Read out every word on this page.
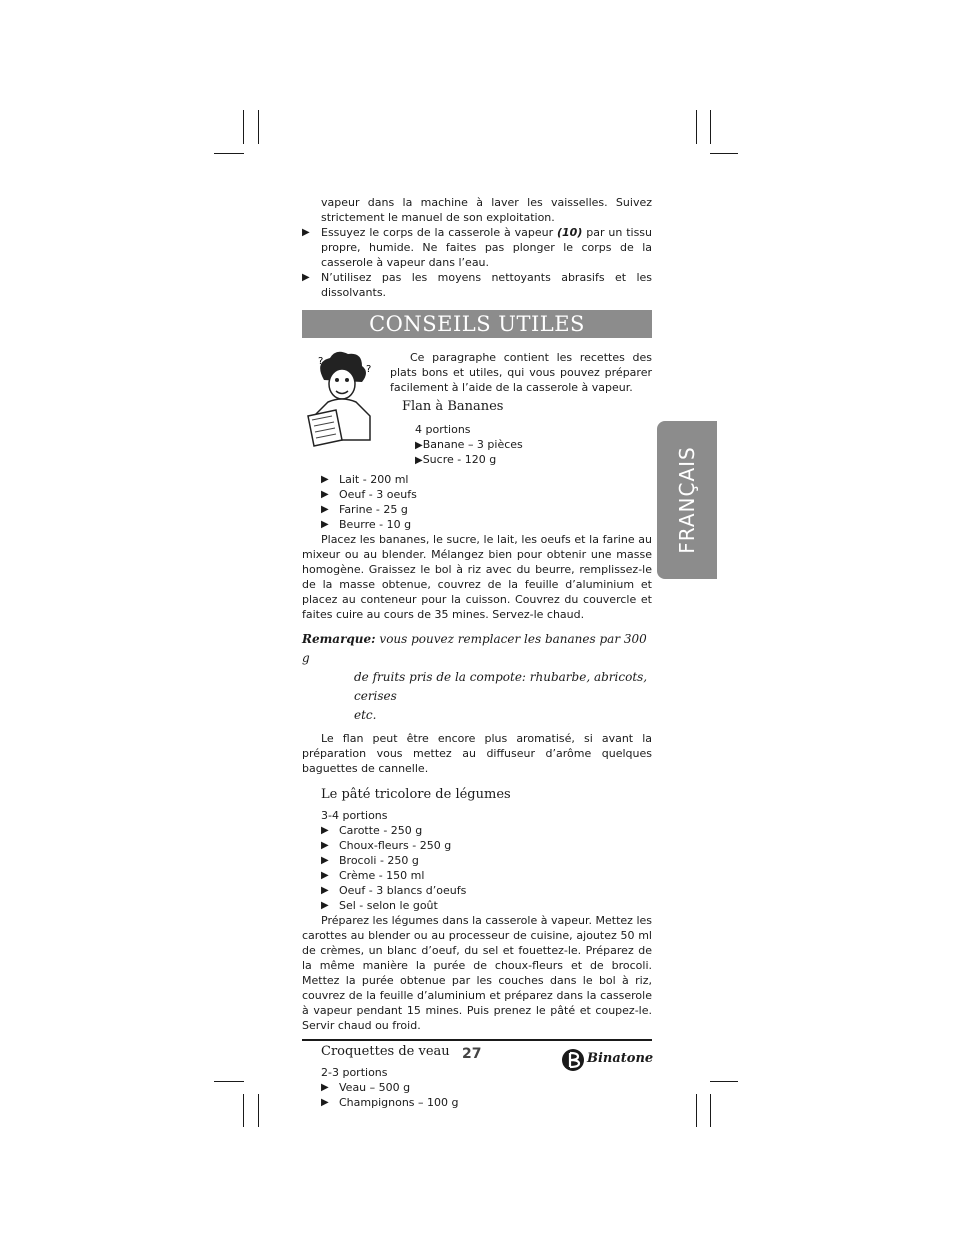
FRANÇAIS

vapeur dans la machine à laver les vaisselles. Suivez strictement le manuel de son exploitation.

▶ Essuyez le corps de la casserole à vapeur (10) par un tissu propre, humide. Ne faites pas plonger le corps de la casserole à vapeur dans l’eau.

▶ N’utilisez pas les moyens nettoyants abrasifs et les dissolvants.

CONSEILS UTILES
?
?

Ce paragraphe contient les recettes des plats bons et utiles, qui vous pouvez préparer facilement à l’aide de la casserole à vapeur.

Flan à Bananes

4 portions

▶Banane – 3 pièces

▶Sucre - 120 g

▶ Lait - 200 ml

▶ Oeuf - 3 oeufs

▶ Farine - 25 g

▶ Beurre - 10 g

Placez les bananes, le sucre, le lait, les oeufs et la farine au mixeur ou au blender. Mélangez bien pour obtenir une masse homogène. Graissez le bol à riz avec du beurre, remplissez-le de la masse obtenue, couvrez de la feuille d’aluminium et placez au conteneur pour la cuisson. Couvrez du couvercle et faites cuire au cours de 35 mines. Servez-le chaud.

Remarque: vous pouvez remplacer les bananes par 300 g
de fruits pris de la compote: rhubarbe, abricots, cerises
etc.

Le flan peut être encore plus aromatisé, si avant la préparation vous mettez au diffuseur d’arôme quelques baguettes de cannelle.

Le pâté tricolore de légumes

3-4 portions

▶ Carotte - 250 g

▶ Choux-fleurs - 250 g

▶ Brocoli - 250 g

▶ Crème - 150 ml

▶ Oeuf - 3 blancs d’oeufs

▶ Sel - selon le goût

Préparez les légumes dans la casserole à vapeur. Mettez les carottes au blender ou au processeur de cuisine, ajoutez 50 ml de crèmes, un blanc d’oeuf, du sel et fouettez-le. Préparez de la même manière la purée de choux-fleurs et de brocoli. Mettez la purée obtenue par les couches dans le bol à riz, couvrez de la feuille d’aluminium et préparez dans la casserole à vapeur pendant 15 mines. Puis prenez le pâté et coupez-le. Servir chaud ou froid.

Croquettes de veau

2-3 portions

▶ Veau – 500 g

▶ Champignons – 100 g

27	Binatone
